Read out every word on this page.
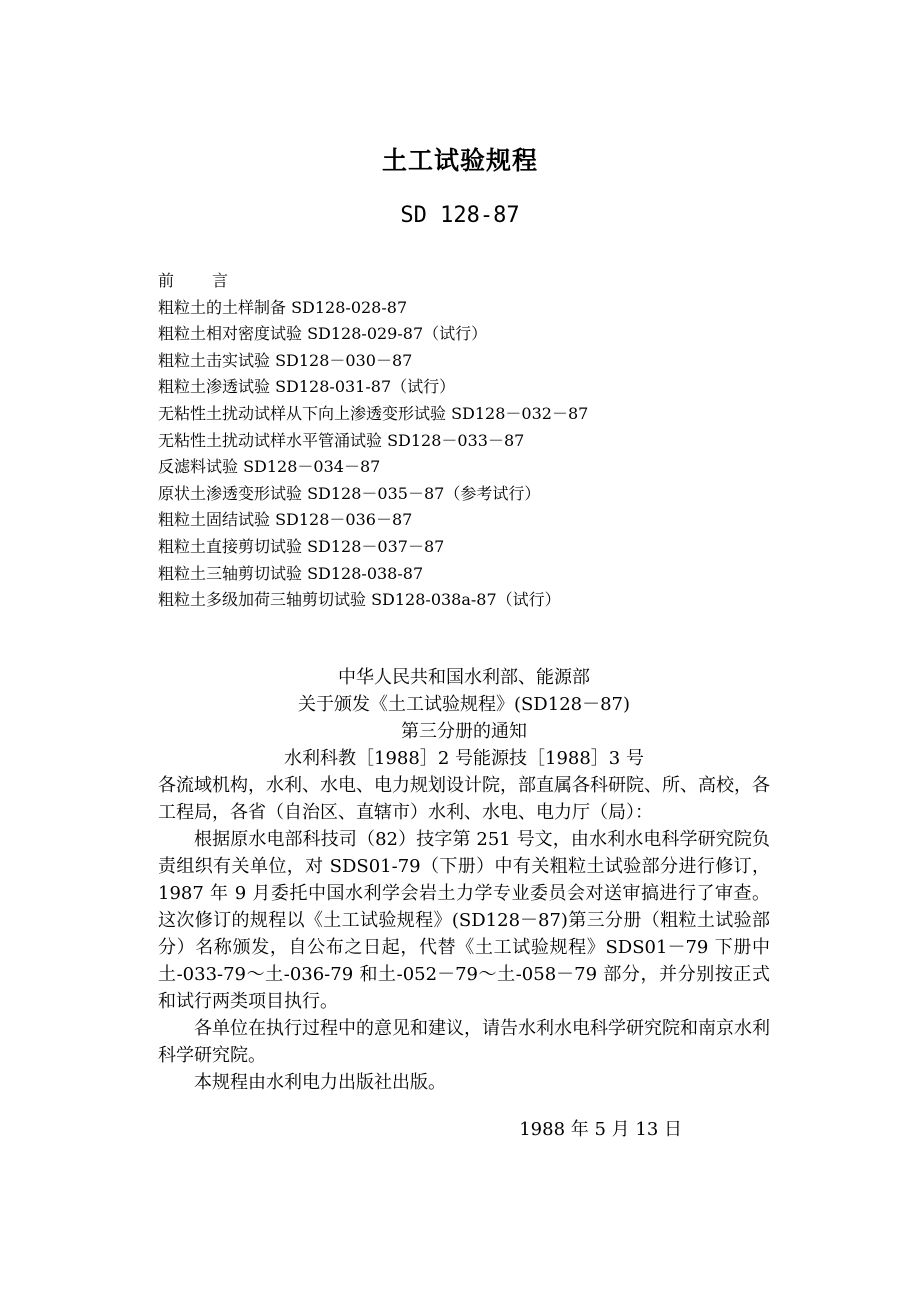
土工试验规程
SD 128-87
前 言
粗粒土的土样制备 SD128-028-87
粗粒土相对密度试验 SD128-029-87（试行）
粗粒土击实试验 SD128－030－87
粗粒土渗透试验 SD128-031-87（试行）
无粘性土扰动试样从下向上渗透变形试验 SD128－032－87
无粘性土扰动试样水平管涌试验 SD128－033－87
反滤料试验 SD128－034－87
原状土渗透变形试验 SD128－035－87（参考试行）
粗粒土固结试验 SD128－036－87
粗粒土直接剪切试验 SD128－037－87
粗粒土三轴剪切试验 SD128-038-87
粗粒土多级加荷三轴剪切试验 SD128-038a-87（试行）
中华人民共和国水利部、能源部
关于颁发《土工试验规程》(SD128－87)
第三分册的通知
水利科教［1988］2 号能源技［1988］3 号

各流域机构，水利、水电、电力规划设计院，部直属各科研院、所、高校，各工程局，各省（自治区、直辖市）水利、水电、电力厅（局）：

根据原水电部科技司（82）技字第 251 号文，由水利水电科学研究院负责组织有关单位，对 SDS01-79（下册）中有关粗粒土试验部分进行修订，1987 年 9 月委托中国水利学会岩土力学专业委员会对送审搞进行了审查。这次修订的规程以《土工试验规程》(SD128－87)第三分册（粗粒土试验部分）名称颁发，自公布之日起，代替《土工试验规程》SDS01－79 下册中土-033-79～土-036-79 和土-052－79～土-058－79 部分，并分别按正式和试行两类项目执行。

各单位在执行过程中的意见和建议，请告水利水电科学研究院和南京水利科学研究院。

本规程由水利电力出版社出版。

1988 年 5 月 13 日
